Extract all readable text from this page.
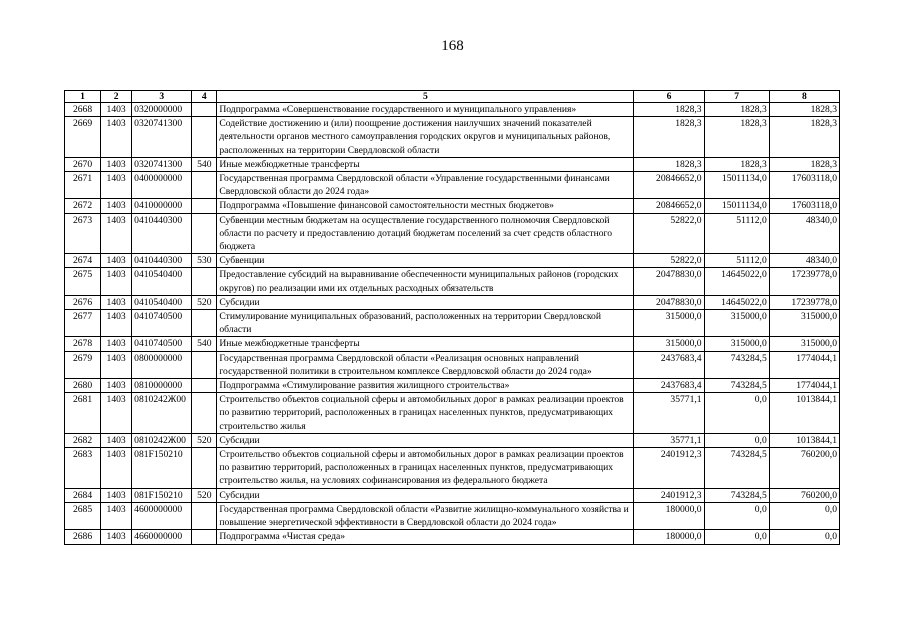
168
1	2	3	4	5	6	7	8
2668	1403	0320000000		Подпрограмма «Совершенствование государственного и муниципального управления»	1828,3	1828,3	1828,3
2669	1403	0320741300		Содействие достижению и (или) поощрение достижения наилучших значений показателей деятельности органов местного самоуправления городских округов и муниципальных районов, расположенных на территории Свердловской области	1828,3	1828,3	1828,3
2670	1403	0320741300	540	Иные межбюджетные трансферты	1828,3	1828,3	1828,3
2671	1403	0400000000		Государственная программа Свердловской области «Управление государственными финансами Свердловской области до 2024 года»	20846652,0	15011134,0	17603118,0
2672	1403	0410000000		Подпрограмма «Повышение финансовой самостоятельности местных бюджетов»	20846652,0	15011134,0	17603118,0
2673	1403	0410440300		Субвенции местным бюджетам на осуществление государственного полномочия Свердловской области по расчету и предоставлению дотаций бюджетам поселений за счет средств областного бюджета	52822,0	51112,0	48340,0
2674	1403	0410440300	530	Субвенции	52822,0	51112,0	48340,0
2675	1403	0410540400		Предоставление субсидий на выравнивание обеспеченности муниципальных районов (городских округов) по реализации ими их отдельных расходных обязательств	20478830,0	14645022,0	17239778,0
2676	1403	0410540400	520	Субсидии	20478830,0	14645022,0	17239778,0
2677	1403	0410740500		Стимулирование муниципальных образований, расположенных на территории Свердловской области	315000,0	315000,0	315000,0
2678	1403	0410740500	540	Иные межбюджетные трансферты	315000,0	315000,0	315000,0
2679	1403	0800000000		Государственная программа Свердловской области «Реализация основных направлений государственной политики в строительном комплексе Свердловской области до 2024 года»	2437683,4	743284,5	1774044,1
2680	1403	0810000000		Подпрограмма «Стимулирование развития жилищного строительства»	2437683,4	743284,5	1774044,1
2681	1403	0810242Ж00		Строительство объектов социальной сферы и автомобильных дорог в рамках реализации проектов по развитию территорий, расположенных в границах населенных пунктов, предусматривающих строительство жилья	35771,1	0,0	1013844,1
2682	1403	0810242Ж00	520	Субсидии	35771,1	0,0	1013844,1
2683	1403	081F150210		Строительство объектов социальной сферы и автомобильных дорог в рамках реализации проектов по развитию территорий, расположенных в границах населенных пунктов, предусматривающих строительство жилья, на условиях софинансирования из федерального бюджета	2401912,3	743284,5	760200,0
2684	1403	081F150210	520	Субсидии	2401912,3	743284,5	760200,0
2685	1403	4600000000		Государственная программа Свердловской области «Развитие жилищно-коммунального хозяйства и повышение энергетической эффективности в Свердловской области до 2024 года»	180000,0	0,0	0,0
2686	1403	4660000000		Подпрограмма «Чистая среда»	180000,0	0,0	0,0
